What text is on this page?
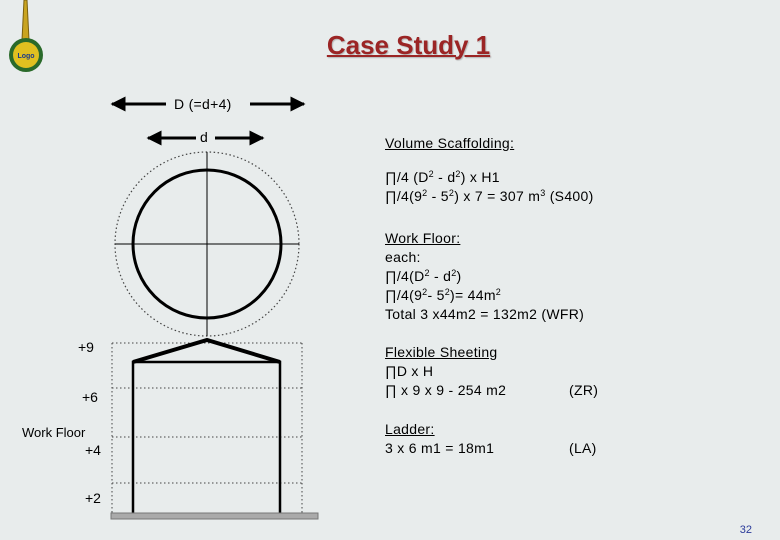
Logo	Case Study 1
D (=d+4)
d
+9
+6
Work Floor
+4
+2
Volume Scaffolding:
∏/4 $(D^2 - d^2)$ x H1
$\prod/4(9^2 - 5^2)$ x 7 = 307 $m^3$ (S400)
Work Floor:
each:
$\prod/4(D^2 - d^2)$
$\prod/4(9^2-$ $5^2)= 44m^2$
Total 3 x44m2 = 132m2 (WFR)
Flexible Sheeting
∏D x H
∏ x 9 x 9 - 254 m2	(ZR)
Ladder:
3 x 6 m1 = 18m1	(LA)
32
